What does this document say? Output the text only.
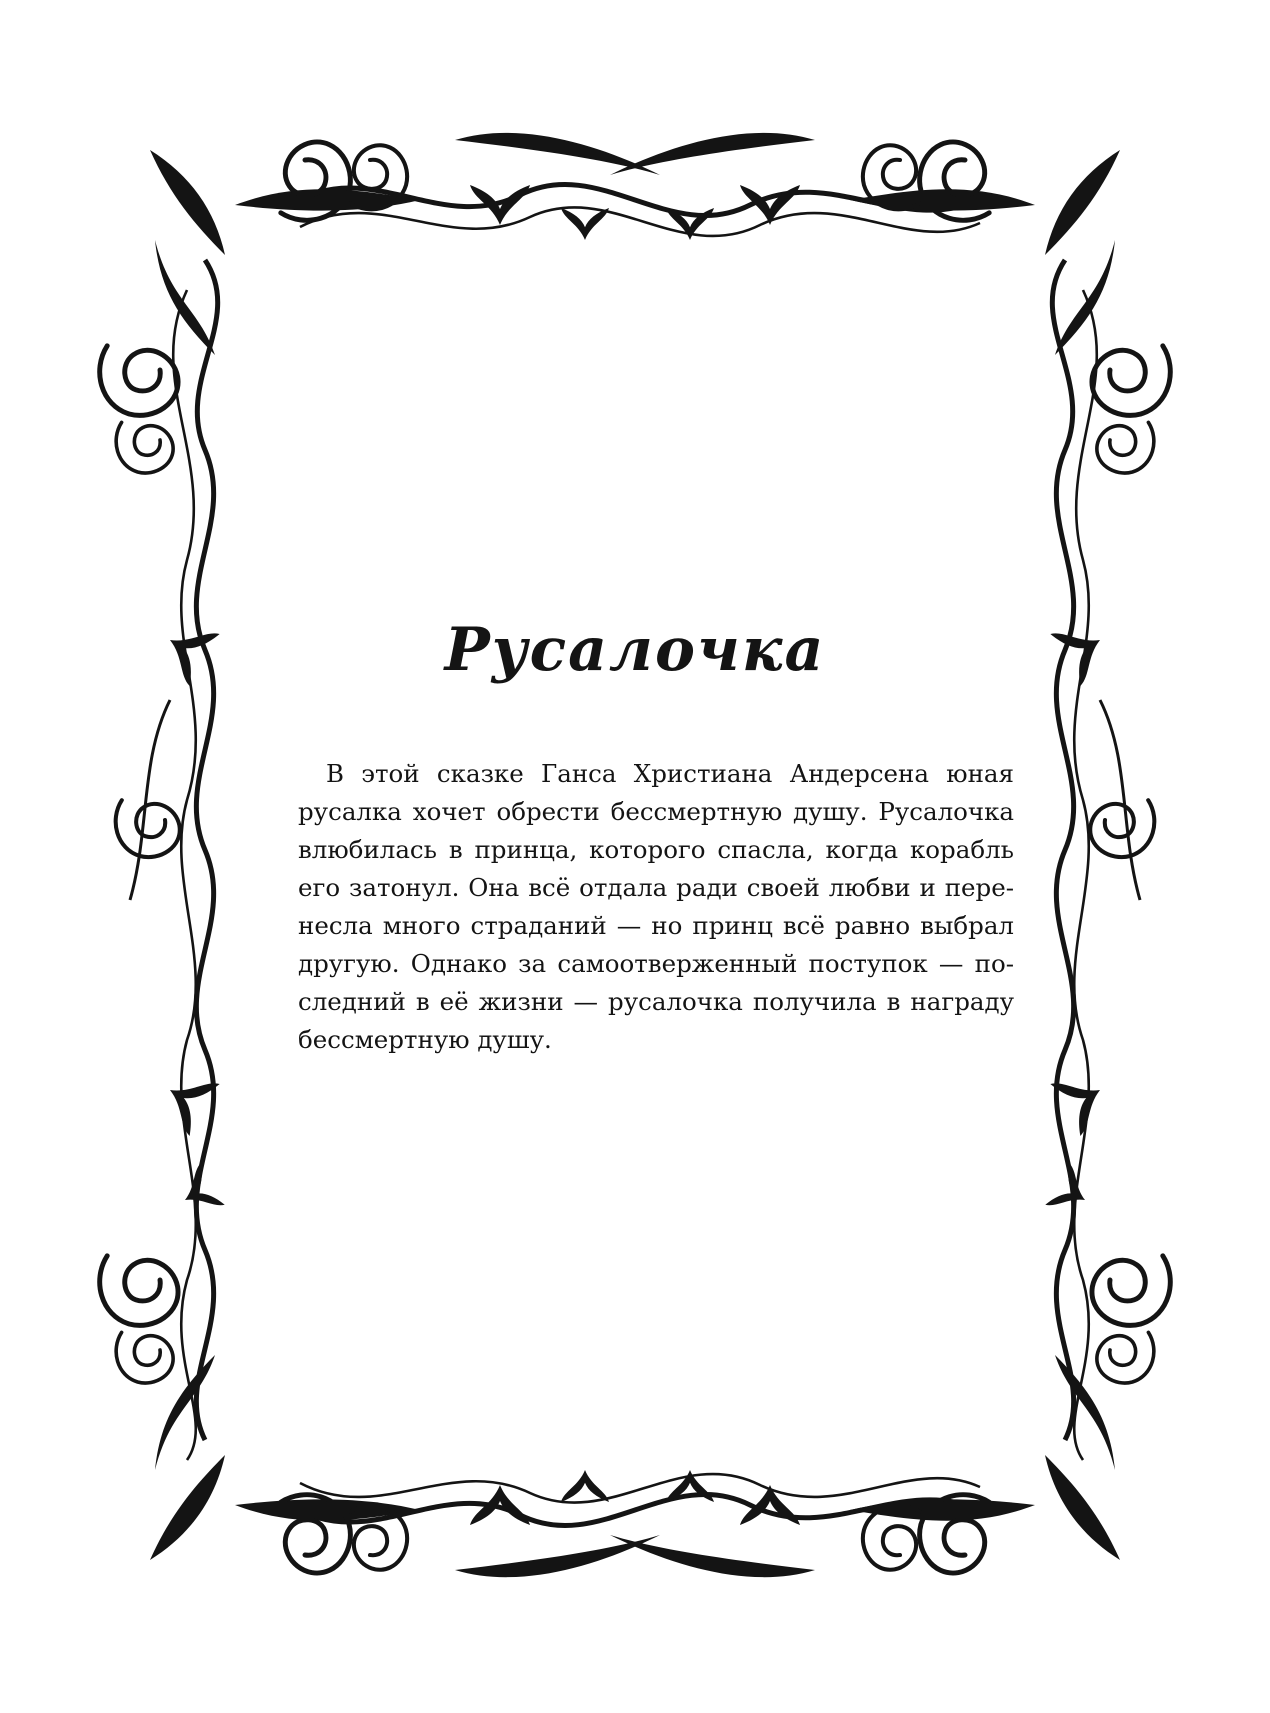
Русалочка
В этой сказке Ганса Христиана Андерсена юная
русалка хочет обрести бессмертную душу. Русалочка
влюбилась в принца, которого спасла, когда корабль
его затонул. Она всё отдала ради своей любви и пере-
несла много страданий — но принц всё равно выбрал
другую. Однако за самоотверженный поступок — по-
следний в её жизни — русалочка получила в награду
бессмертную душу.
